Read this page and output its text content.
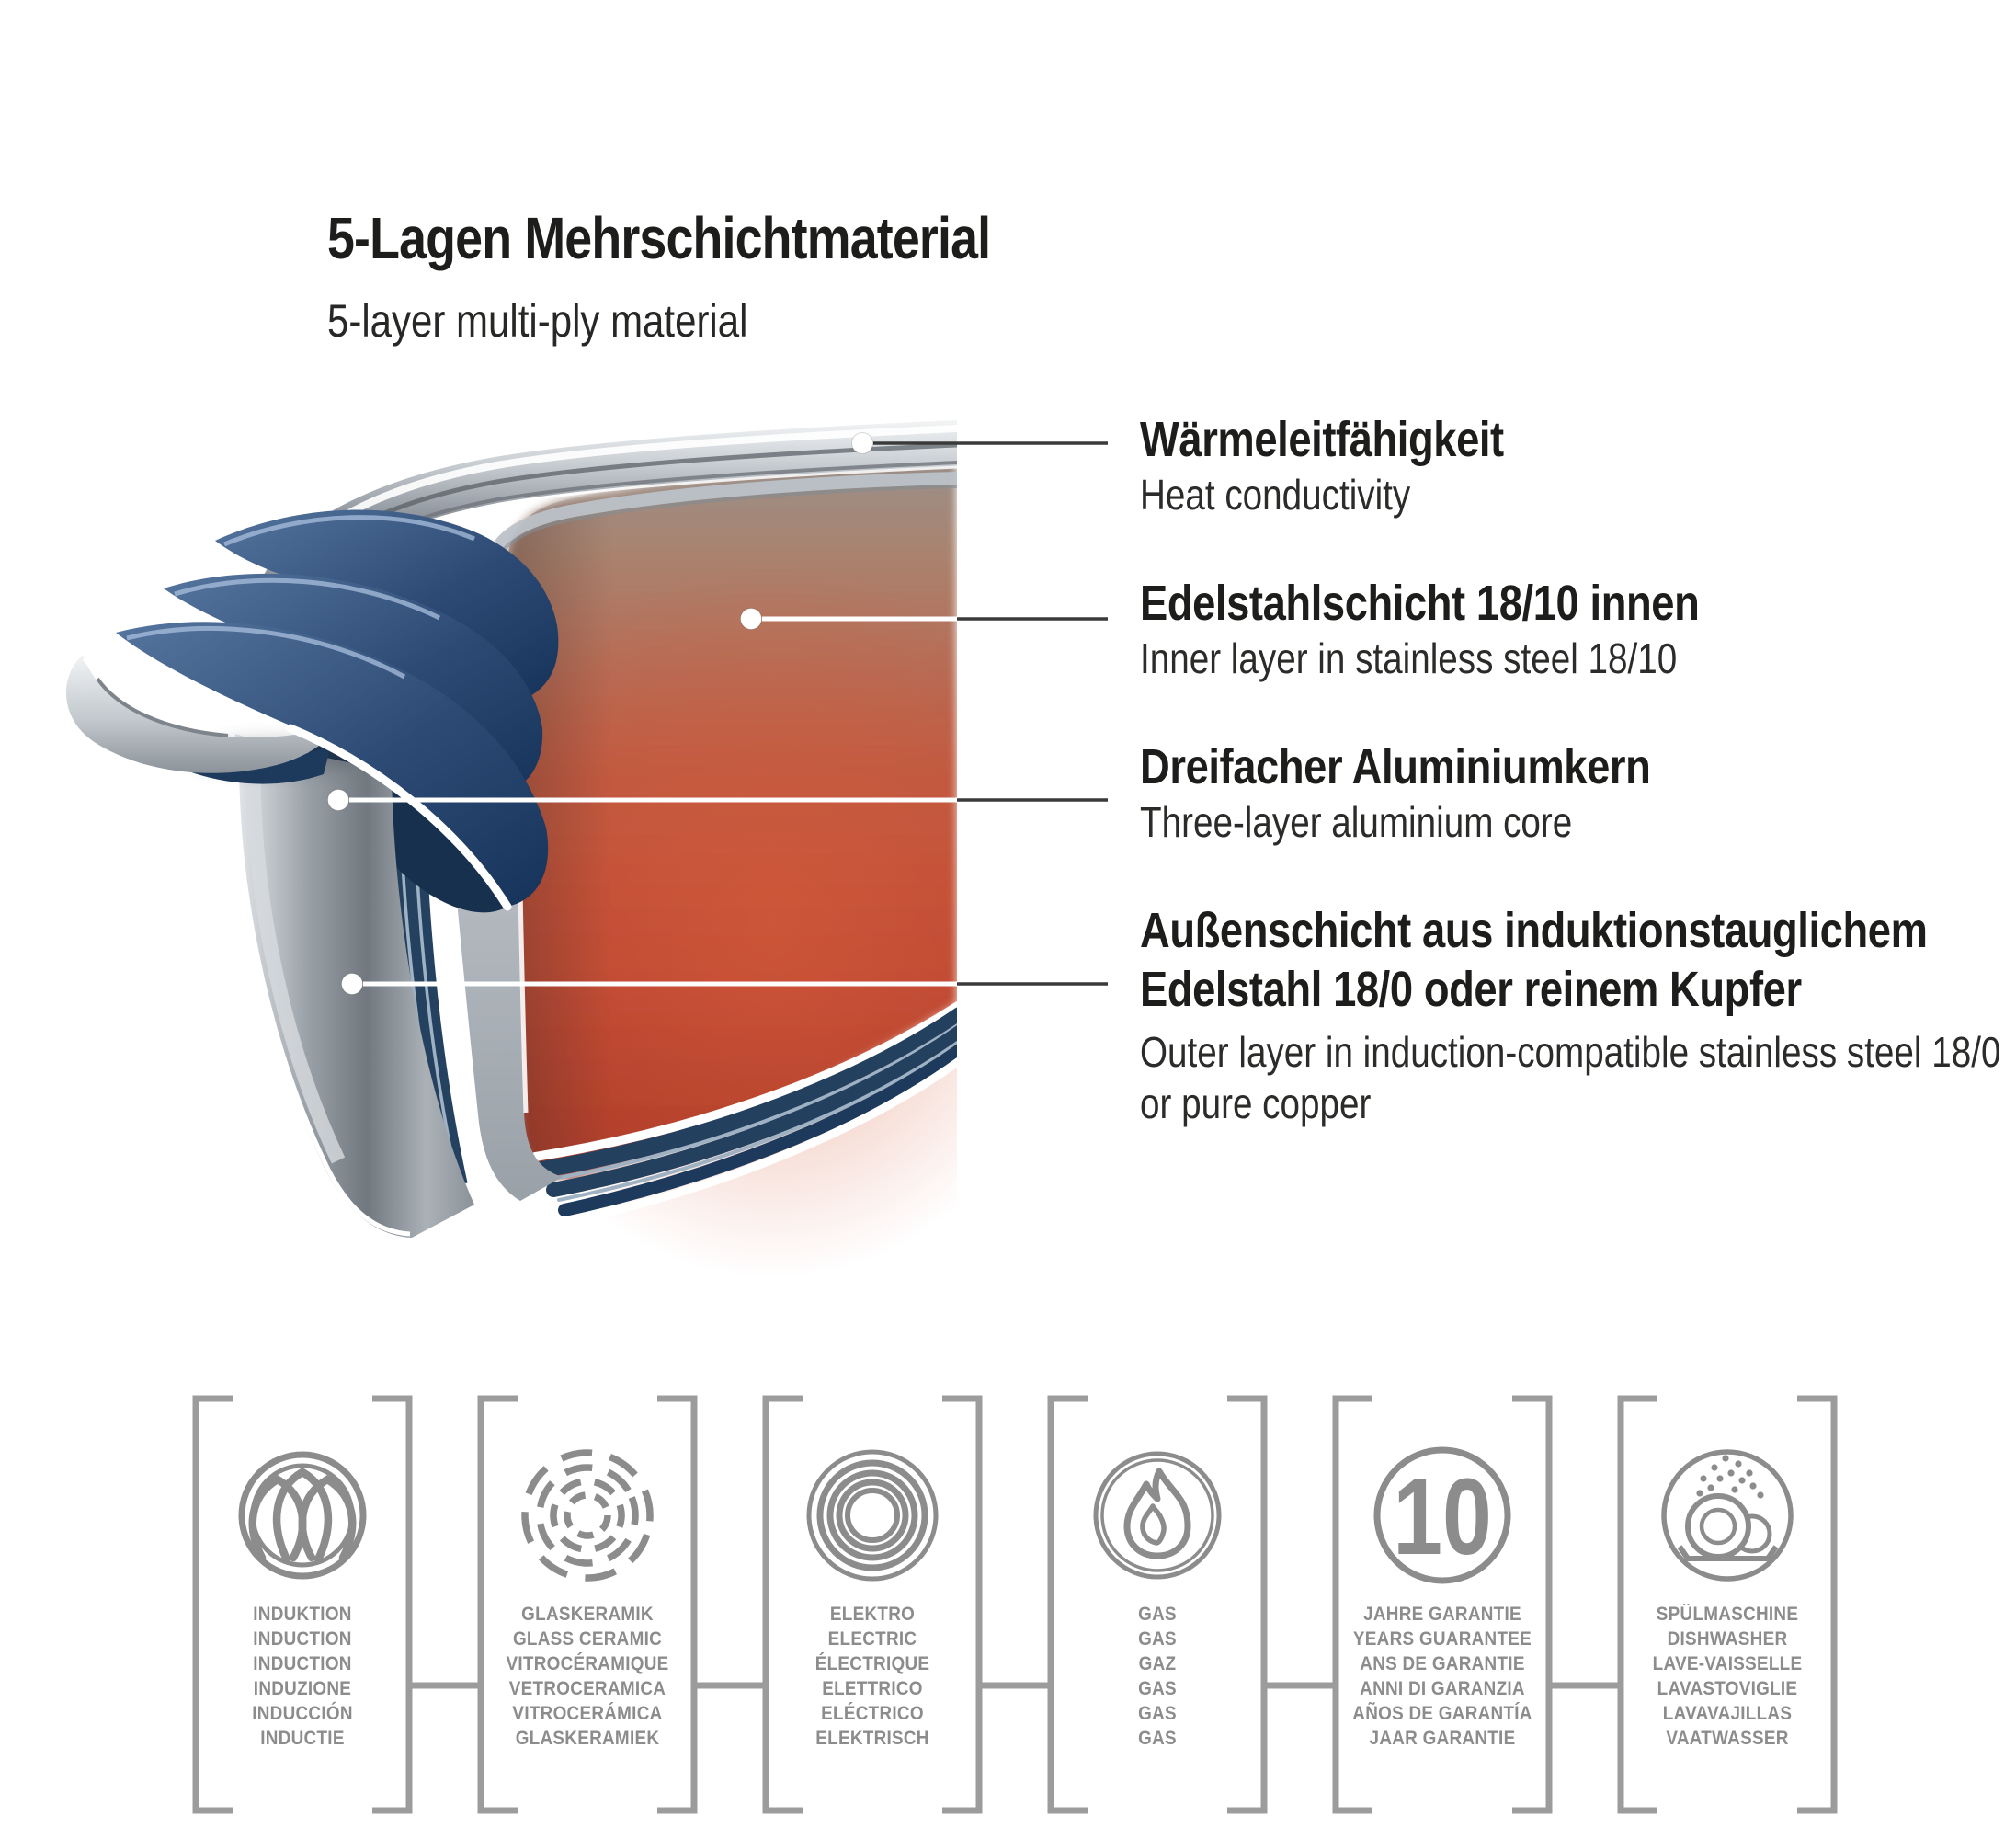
10
5-Lagen Mehrschichtmaterial
5-layer multi-ply material
Wärmeleitfähigkeit
Heat conductivity
Edelstahlschicht 18/10 innen
Inner layer in stainless steel 18/10
Dreifacher Aluminiumkern
Three-layer aluminium core
Außenschicht aus induktionstauglichem
Edelstahl 18/0 oder reinem Kupfer
Outer layer in induction-compatible stainless steel 18/0
or pure copper
INDUKTION
INDUCTION
INDUCTION
INDUZIONE
INDUCCIÓN
INDUCTIE
GLASKERAMIK
GLASS CERAMIC
VITROCÉRAMIQUE
VETROCERAMICA
VITROCERÁMICA
GLASKERAMIEK
ELEKTRO
ELECTRIC
ÉLECTRIQUE
ELETTRICO
ELÉCTRICO
ELEKTRISCH
GAS
GAS
GAZ
GAS
GAS
GAS
JAHRE GARANTIE
YEARS GUARANTEE
ANS DE GARANTIE
ANNI DI GARANZIA
AÑOS DE GARANTÍA
JAAR GARANTIE
SPÜLMASCHINE
DISHWASHER
LAVE-VAISSELLE
LAVASTOVIGLIE
LAVAVAJILLAS
VAATWASSER
